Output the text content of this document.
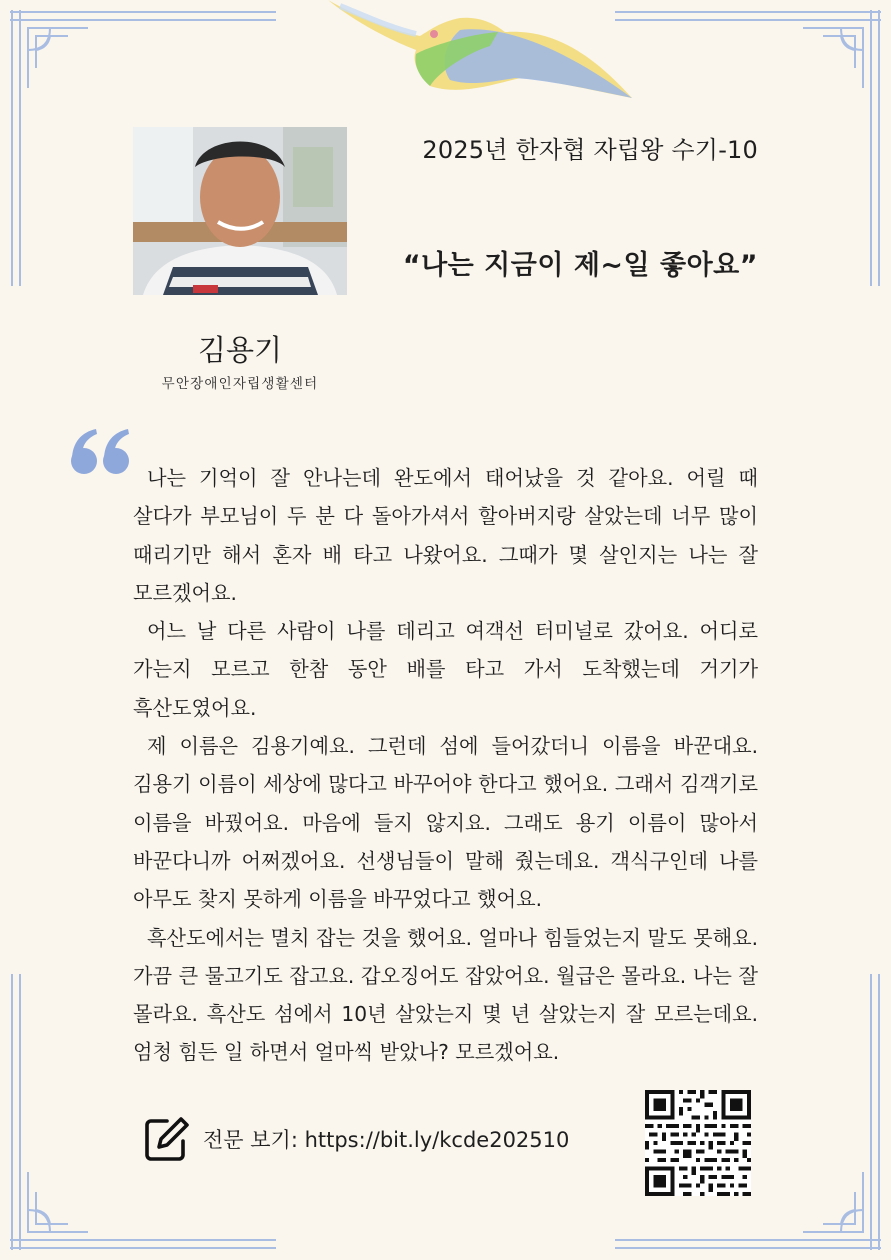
2025년 한자협 자립왕 수기-10
“나는 지금이 제~일 좋아요”
김용기
무안장애인자립생활센터

나는 기억이 잘 안나는데 완도에서 태어났을 것 같아요. 어릴 때 살다가 부모님이 두 분 다 돌아가셔서 할아버지랑 살았는데 너무 많이 때리기만 해서 혼자 배 타고 나왔어요. 그때가 몇 살인지는 나는 잘 모르겠어요.

어느 날 다른 사람이 나를 데리고 여객선 터미널로 갔어요. 어디로 가는지 모르고 한참 동안 배를 타고 가서 도착했는데 거기가 흑산도였어요.

제 이름은 김용기예요. 그런데 섬에 들어갔더니 이름을 바꾼대요. 김용기 이름이 세상에 많다고 바꾸어야 한다고 했어요. 그래서 김객기로 이름을 바꿨어요. 마음에 들지 않지요. 그래도 용기 이름이 많아서 바꾼다니까 어쩌겠어요. 선생님들이 말해 줬는데요. 객식구인데 나를 아무도 찾지 못하게 이름을 바꾸었다고 했어요.

흑산도에서는 멸치 잡는 것을 했어요. 얼마나 힘들었는지 말도 못해요. 가끔 큰 물고기도 잡고요. 갑오징어도 잡았어요. 월급은 몰라요. 나는 잘 몰라요. 흑산도 섬에서 10년 살았는지 몇 년 살았는지 잘 모르는데요. 엄청 힘든 일 하면서 얼마씩 받았나? 모르겠어요.

전문 보기: https://bit.ly/kcde202510
